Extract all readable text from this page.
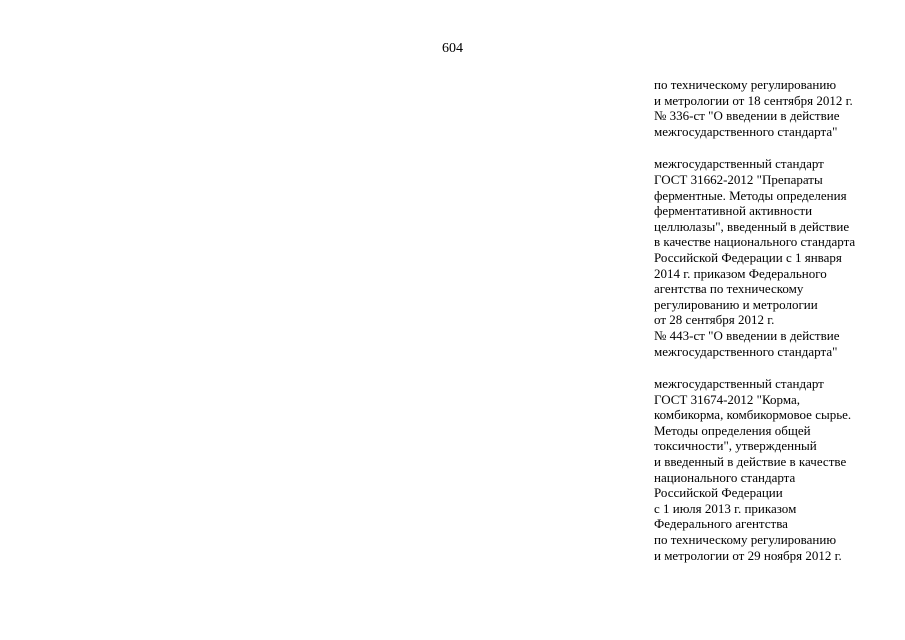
604
по техническому регулированию
и метрологии от 18 сентября 2012 г.
№ 336-ст "О введении в действие
межгосударственного стандарта"
межгосударственный стандарт
ГОСТ 31662-2012 "Препараты
ферментные. Методы определения
ферментативной активности
целлюлазы", введенный в действие
в качестве национального стандарта
Российской Федерации с 1 января
2014 г. приказом Федерального
агентства по техническому
регулированию и метрологии
от 28 сентября 2012 г.
№ 443-ст "О введении в действие
межгосударственного стандарта"
межгосударственный стандарт
ГОСТ 31674-2012 "Корма,
комбикорма, комбикормовое сырье.
Методы определения общей
токсичности", утвержденный
и введенный в действие в качестве
национального стандарта
Российской Федерации
с 1 июля 2013 г. приказом
Федерального агентства
по техническому регулированию
и метрологии от 29 ноября 2012 г.
